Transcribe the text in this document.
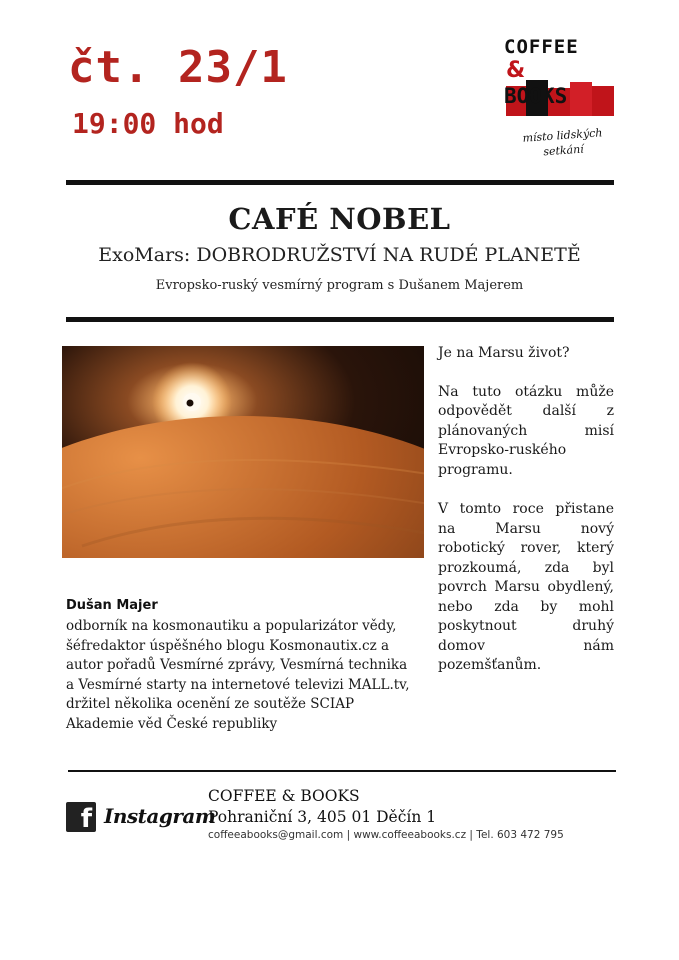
čt. 23/1
19:00 hod
COFFEE
&
BOOKS
místo lidských setkání
CAFÉ NOBEL
ExoMars: DOBRODRUŽSTVÍ NA RUDÉ PLANETĚ
Evropsko-ruský vesmírný program s Dušanem Majerem
Dušan Majer
odborník na kosmonautiku a popularizátor vědy, šéfredaktor úspěšného blogu Kosmonautix.cz a autor pořadů Vesmírné zprávy, Vesmírná technika a Vesmírné starty na internetové televizi MALL.tv, držitel několika ocenění ze soutěže SCIAP Akademie věd České republiky

Je na Marsu život?

Na tuto otázku může odpovědět další z plánovaných misí Evropsko-ruského programu.

V tomto roce přistane na Marsu nový robotický rover, který prozkoumá, zda byl povrch Marsu obydlený, nebo zda by mohl poskytnout druhý domov nám pozemšťanům.

f Instagram
COFFEE & BOOKS
Pohraniční 3, 405 01 Děčín 1
coffeeabooks@gmail.com | www.coffeeabooks.cz | Tel. 603 472 795
